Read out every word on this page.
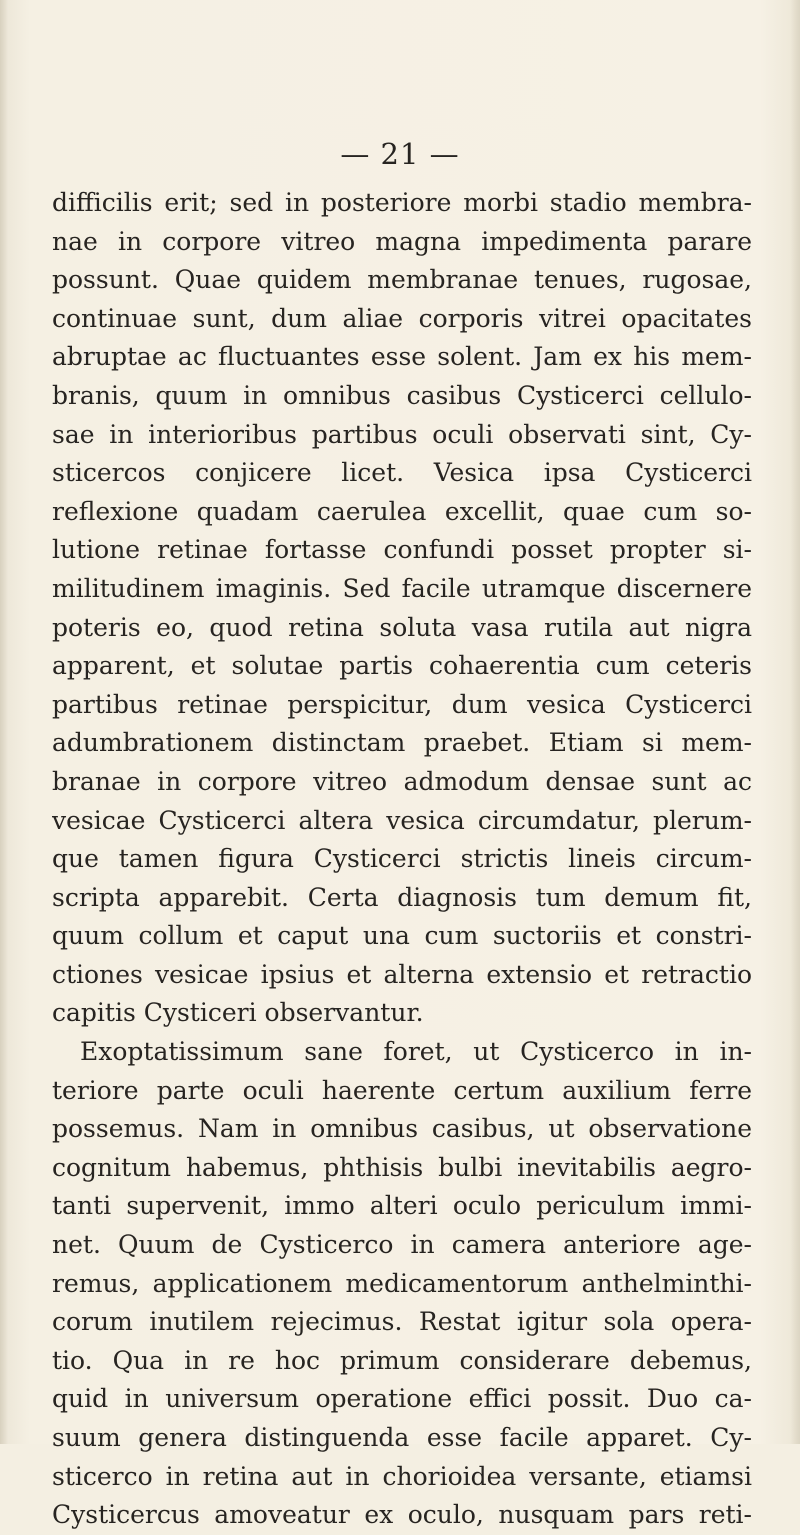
— 21 —
difficilis erit; sed in posteriore morbi stadio membra-
nae in corpore vitreo magna impedimenta parare
possunt. Quae quidem membranae tenues, rugosae,
continuae sunt, dum aliae corporis vitrei opacitates
abruptae ac fluctuantes esse solent. Jam ex his mem-
branis, quum in omnibus casibus Cysticerci cellulo-
sae in interioribus partibus oculi observati sint, Cy-
sticercos conjicere licet. Vesica ipsa Cysticerci
reflexione quadam caerulea excellit, quae cum so-
lutione retinae fortasse confundi posset propter si-
militudinem imaginis. Sed facile utramque discernere
poteris eo, quod retina soluta vasa rutila aut nigra
apparent, et solutae partis cohaerentia cum ceteris
partibus retinae perspicitur, dum vesica Cysticerci
adumbrationem distinctam praebet. Etiam si mem-
branae in corpore vitreo admodum densae sunt ac
vesicae Cysticerci altera vesica circumdatur, plerum-
que tamen figura Cysticerci strictis lineis circum-
scripta apparebit. Certa diagnosis tum demum fit,
quum collum et caput una cum suctoriis et constri-
ctiones vesicae ipsius et alterna extensio et retractio
capitis Cysticeri observantur.
Exoptatissimum sane foret, ut Cysticerco in in-
teriore parte oculi haerente certum auxilium ferre
possemus. Nam in omnibus casibus, ut observatione
cognitum habemus, phthisis bulbi inevitabilis aegro-
tanti supervenit, immo alteri oculo periculum immi-
net. Quum de Cysticerco in camera anteriore age-
remus, applicationem medicamentorum anthelminthi-
corum inutilem rejecimus. Restat igitur sola opera-
tio. Qua in re hoc primum considerare debemus,
quid in universum operatione effici possit. Duo ca-
suum genera distinguenda esse facile apparet. Cy-
sticerco in retina aut in chorioidea versante, etiamsi
Cysticercus amoveatur ex oculo, nusquam pars reti-
